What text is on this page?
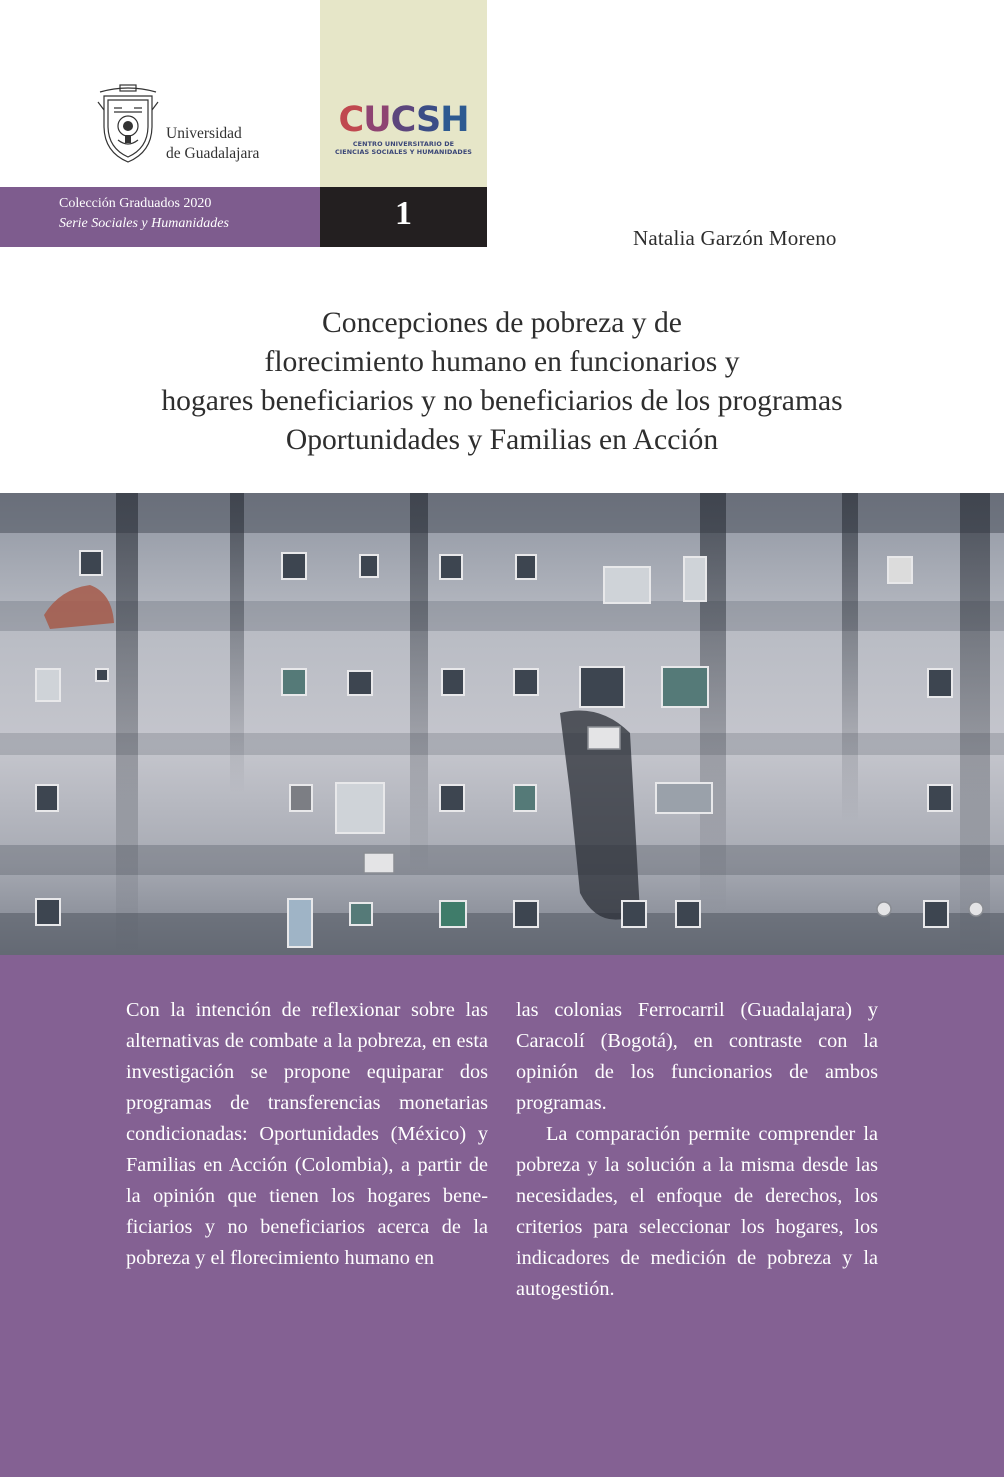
Universidad
de Guadalajara
CUCSH
CENTRO UNIVERSITARIO DE
CIENCIAS SOCIALES Y HUMANIDADES
Colección Graduados 2020
Serie Sociales y Humanidades	1
Natalia Garzón Moreno
Concepciones de pobreza y de
florecimiento humano en funcionarios y
hogares beneficiarios y no beneficiarios de los programas
Oportunidades y Familias en Acción

Con la intención de reflexionar sobre las alternativas de combate a la pobreza, en esta investigación se propone equiparar dos programas de transferencias monetarias condicionadas: Oportunidades (México) y Familias en Acción (Colombia), a partir de la opinión que tienen los hogares beneficiarios y no beneficiarios acerca de la pobreza y el florecimiento humano en

las colonias Ferrocarril (Guadalajara) y Caracolí (Bogotá), en contraste con la opinión de los funcionarios de ambos programas.

La comparación permite comprender la pobreza y la solución a la misma desde las necesidades, el enfoque de derechos, los criterios para seleccionar los hogares, los indicadores de medición de pobreza y la autogestión.
